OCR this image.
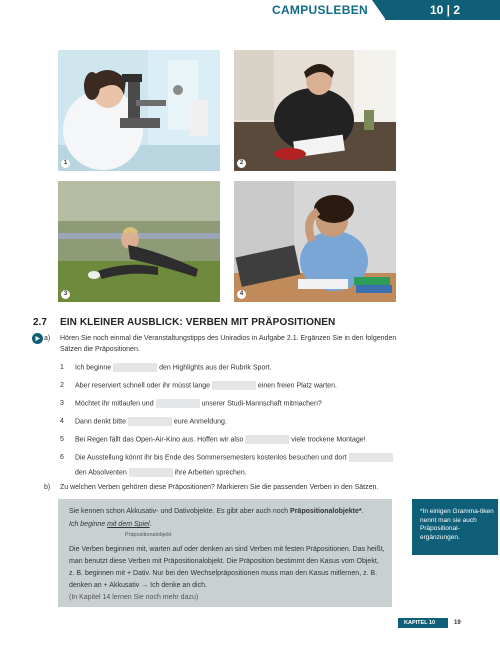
CAMPUSLEBEN	10 | 2
1	2
3	4
2.7 EIN KLEINER AUSBLICK: VERBEN MIT PRÄPOSITIONEN
a) Hören Sie noch einmal die Veranstaltungstipps des Uniradios in Aufgabe 2.1. Ergänzen Sie in den folgenden
Sätzen die Präpositionen.
1 Ich beginne	den Highlights aus der Rubrik Sport.
2 Aber reserviert schnell oder ihr müsst lange	einen freien Platz warten.
3 Möchtet ihr mitlaufen und	unserer Studi-Mannschaft mitmachen?
4 Dann denkt bitte	eure Anmeldung.
5 Bei Regen fällt das Open-Air-Kino aus. Hoffen wir also	viele trockene Montage!
6 Die Ausstellung könnt ihr bis Ende des Sommersemesters kostenlos besuchen und dort
den Absolventen	ihre Arbeiten sprechen.
b) Zu welchen Verben gehören diese Präpositionen? Markieren Sie die passenden Verben in den Sätzen.
Sie kennen schon Akkusativ- und Dativobjekte. Es gibt aber auch noch Präpositionalobjekte*.
Ich beginne mit dem Spiel.
Präpositionalobjekt
Die Verben beginnen mit, warten auf oder denken an sind Verben mit festen Präpositionen. Das heißt,
man benutzt diese Verben mit Präpositionalobjekt. Die Präposition bestimmt den Kasus vom Objekt,
z. B. beginnen mit + Dativ. Nur bei den Wechselpräpositionen muss man den Kasus mitlernen, z. B.
denken an + Akkusativ → Ich denke an dich.
(In Kapitel 14 lernen Sie noch mehr dazu)
*In einigen Gramma-tiken nennt man sie auch Präpositional-ergänzungen.
KAPITEL 10	19
